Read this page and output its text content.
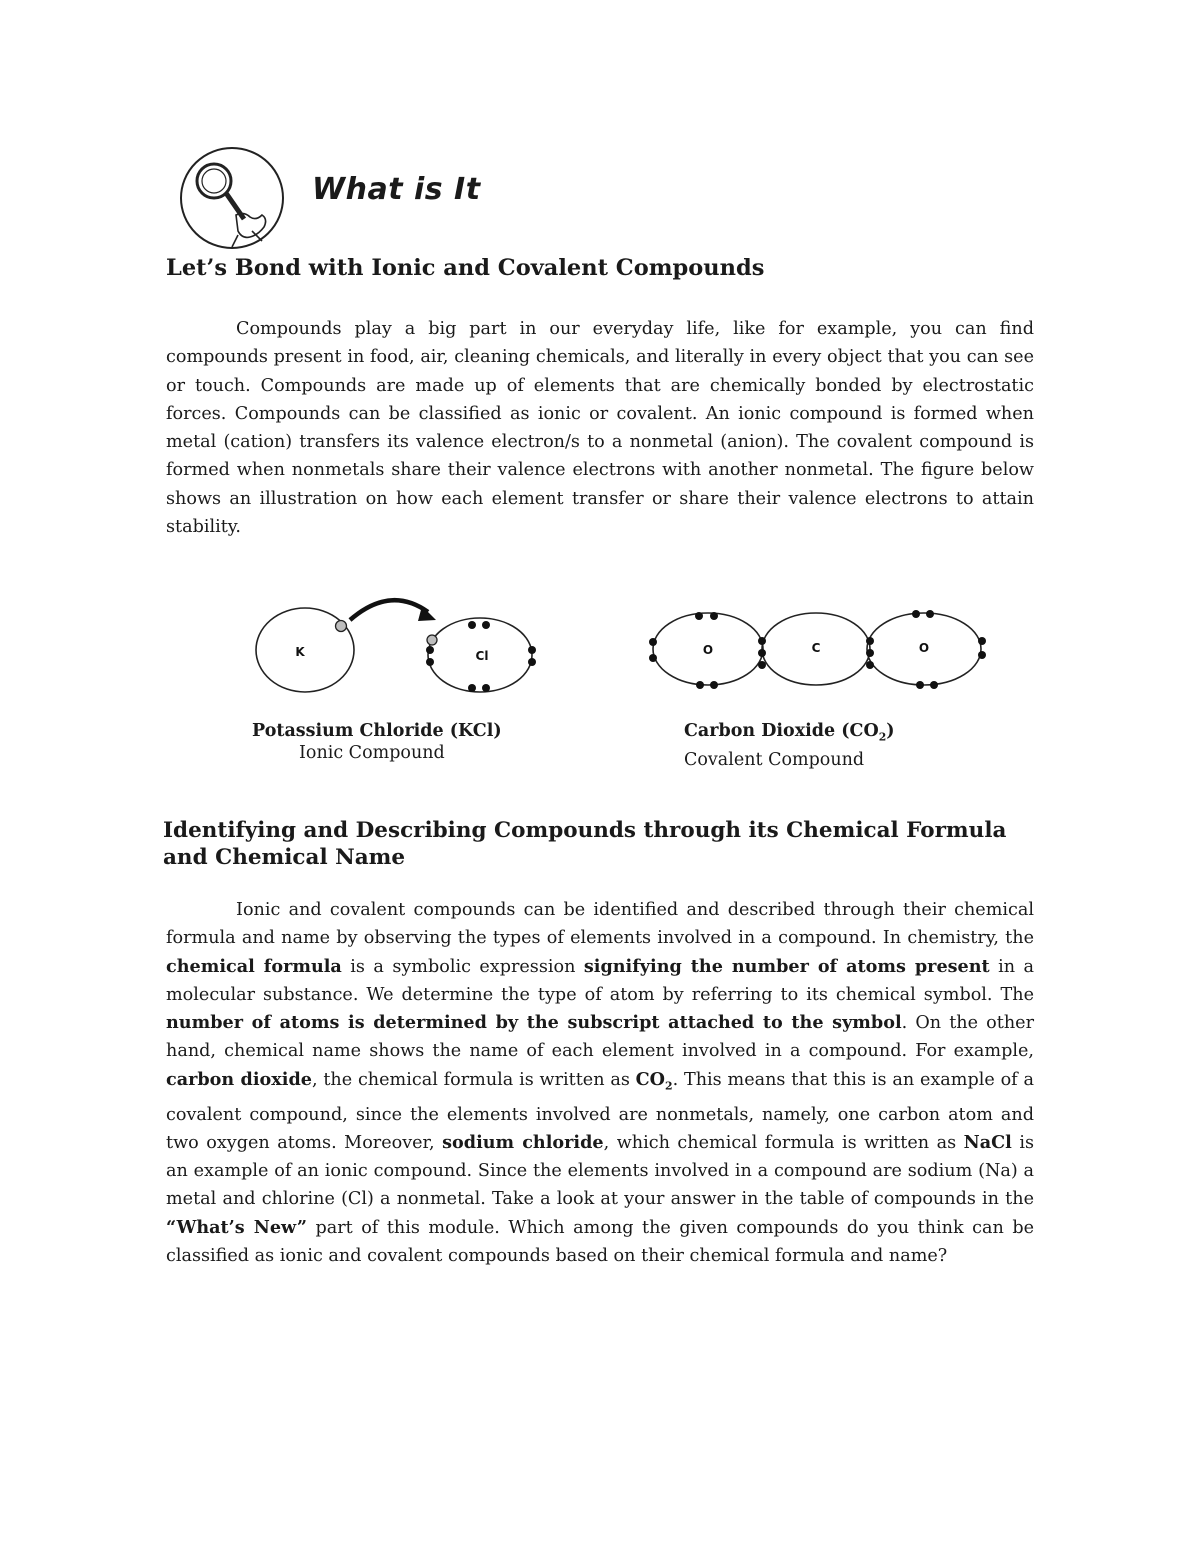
What is It
Let’s Bond with Ionic and Covalent Compounds
Compounds play a big part in our everyday life, like for example, you can find compounds present in food, air, cleaning chemicals, and literally in every object that you can see or touch. Compounds are made up of elements that are chemically bonded by electrostatic forces. Compounds can be classified as ionic or covalent. An ionic compound is formed when metal (cation) transfers its valence electron/s to a nonmetal (anion). The covalent compound is formed when nonmetals share their valence electrons with another nonmetal. The figure below shows an illustration on how each element transfer or share their valence electrons to attain stability.
K	Cl
Potassium Chloride (KCl)
Ionic Compound
O	C	O
Carbon Dioxide $(CO_2)$
Covalent Compound
Identifying and Describing Compounds through its Chemical Formula and Chemical Name
Ionic and covalent compounds can be identified and described through their chemical formula and name by observing the types of elements involved in a compound. In chemistry, the chemical formula is a symbolic expression signifying the number of atoms present in a molecular substance. We determine the type of atom by referring to its chemical symbol. The number of atoms is determined by the subscript attached to the symbol. On the other hand, chemical name shows the name of each element involved in a compound. For example, carbon dioxide, the chemical formula is written as $CO_2$. This means that this is an example of a covalent compound, since the elements involved are nonmetals, namely, one carbon atom and two oxygen atoms. Moreover, sodium chloride, which chemical formula is written as NaCl is an example of an ionic compound. Since the elements involved in a compound are sodium (Na) a metal and chlorine (Cl) a nonmetal. Take a look at your answer in the table of compounds in the “What’s New” part of this module. Which among the given compounds do you think can be classified as ionic and covalent compounds based on their chemical formula and name?
